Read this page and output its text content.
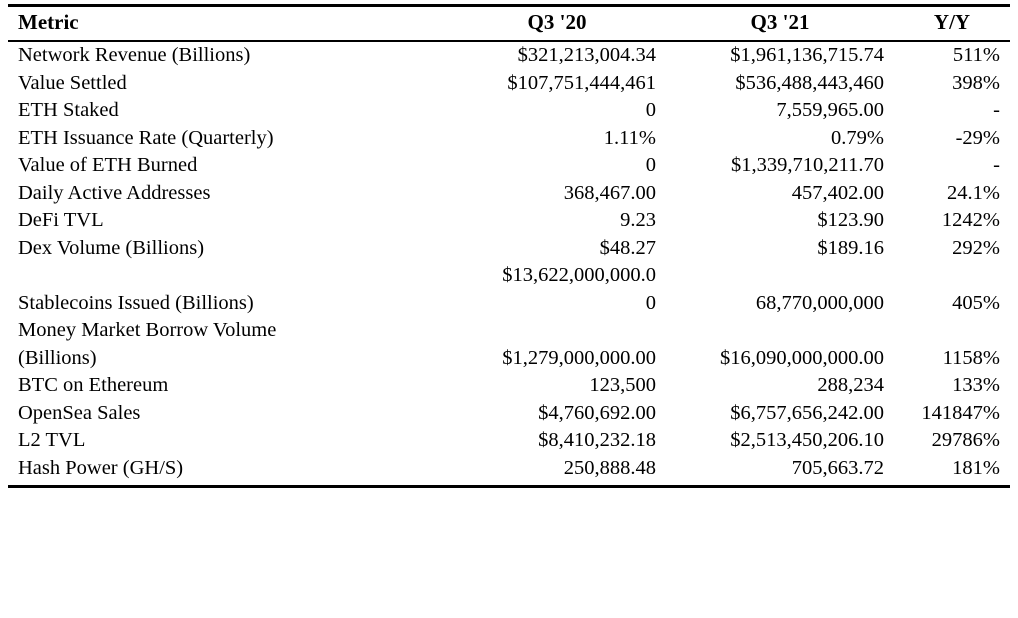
Metric	Q3 '20	Q3 '21	Y/Y
Network Revenue (Billions)	$321,213,004.34	$1,961,136,715.74	511%
Value Settled	$107,751,444,461	$536,488,443,460	398%
ETH Staked	0	7,559,965.00	-
ETH Issuance Rate (Quarterly)	1.11%	0.79%	-29%
Value of ETH Burned	0	$1,339,710,211.70	-
Daily Active Addresses	368,467.00	457,402.00	24.1%
DeFi TVL	9.23	$123.90	1242%
Dex Volume (Billions)	$48.27	$189.16	292%
	$13,622,000,000.0		
Stablecoins Issued (Billions)	0	68,770,000,000	405%
Money Market Borrow Volume			
(Billions)	$1,279,000,000.00	$16,090,000,000.00	1158%
BTC on Ethereum	123,500	288,234	133%
OpenSea Sales	$4,760,692.00	$6,757,656,242.00	141847%
L2 TVL	$8,410,232.18	$2,513,450,206.10	29786%
Hash Power (GH/S)	250,888.48	705,663.72	181%
